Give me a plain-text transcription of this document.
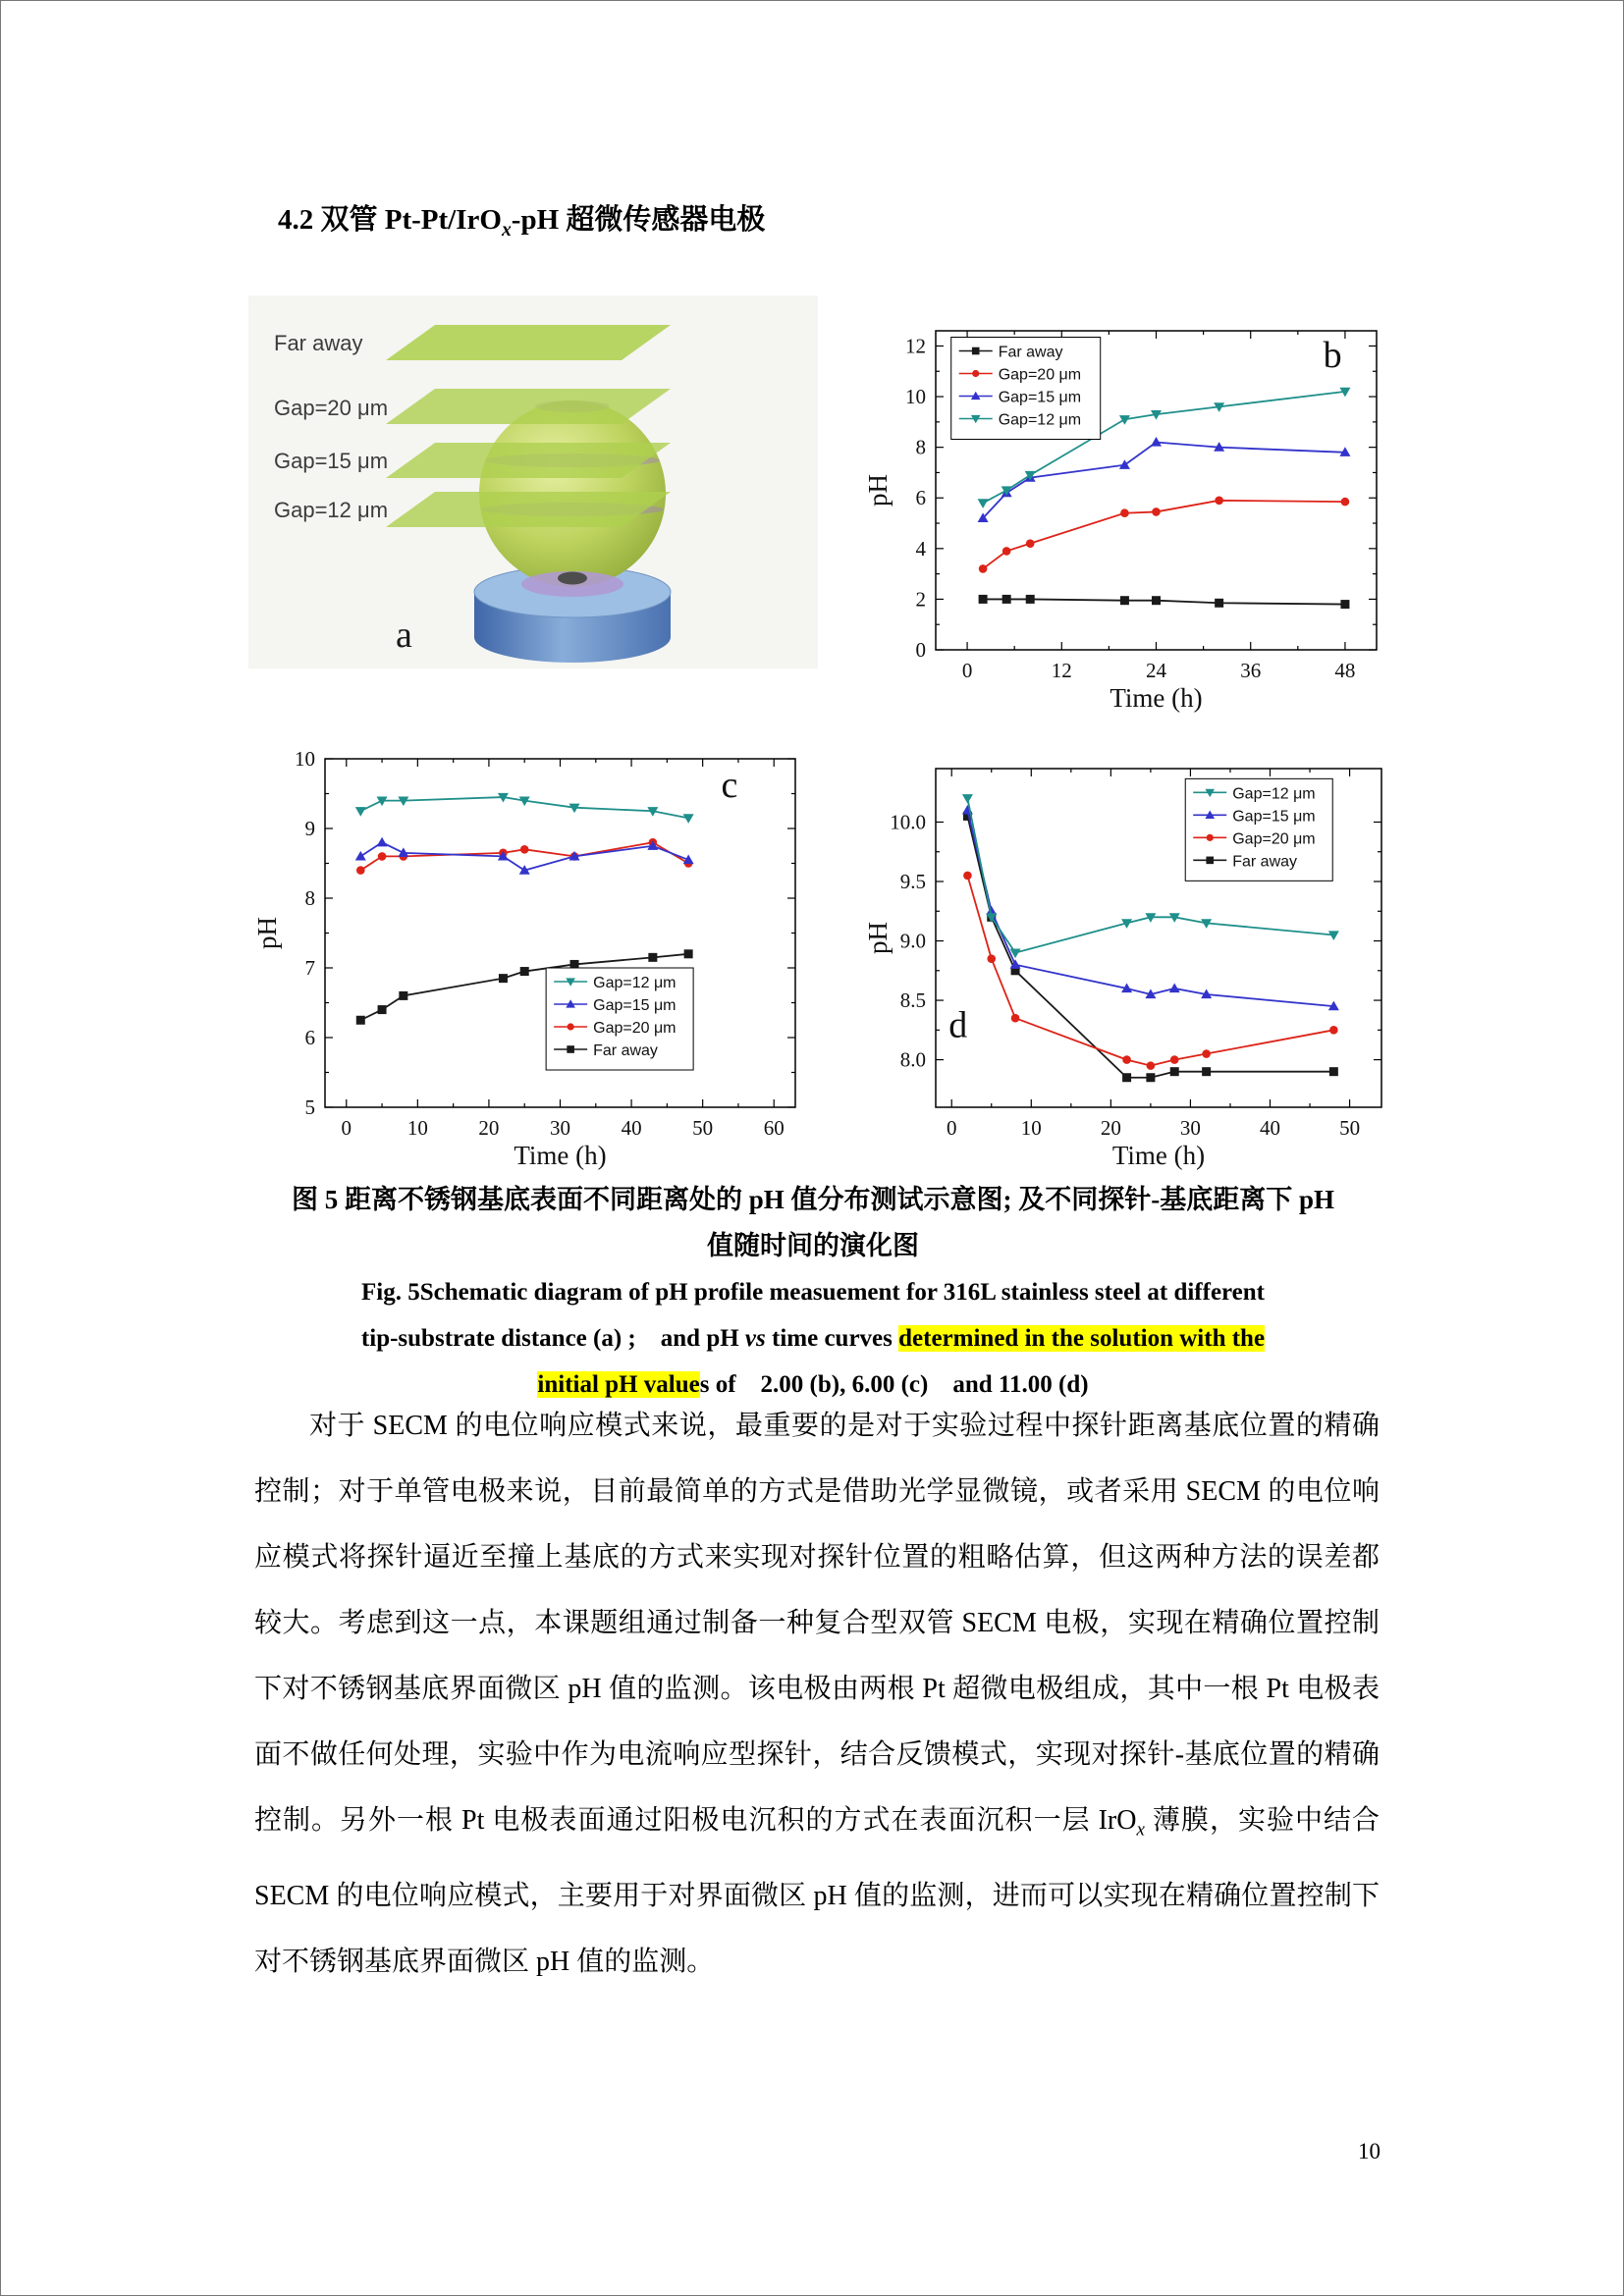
4.2 双管 Pt-Pt/IrO$_x$-pH 超微传感器电极
Far away
Gap=20 μm
Gap=15 μm
Gap=12 μm
a
0	12	24	36	48
0
2
4
6
8
10
12
Time (h)
pH
Far away
Gap=20 μm
Gap=15 μm
Gap=12 μm
b
0	10 20 30 40 50 60
5
6
7
8
9
10
Time (h)
pH
Gap=12 μm
Gap=15 μm
Gap=20 μm
Far away
c
0	10	20	30	40	50
8.0
8.5
9.0
9.5
10.0
Time (h)
pH
Gap=12 μm
Gap=15 μm
Gap=20 μm
Far away
d
图 5 距离不锈钢基底表面不同距离处的 pH 值分布测试示意图; 及不同探针-基底距离下 pH
值随时间的演化图
Fig. 5Schematic diagram of pH profile measuement for 316L stainless steel at different
tip-substrate distance (a) ;    and pH vs time curves determined in the solution with the
initial pH values of    2.00 (b), 6.00 (c)    and 11.00 (d)
对于 SECM 的电位响应模式来说，最重要的是对于实验过程中探针距离基底位置的精确控制；对于单管电极来说，目前最简单的方式是借助光学显微镜，或者采用 SECM 的电位响应模式将探针逼近至撞上基底的方式来实现对探针位置的粗略估算，但这两种方法的误差都较大。考虑到这一点，本课题组通过制备一种复合型双管 SECM 电极，实现在精确位置控制下对不锈钢基底界面微区 pH 值的监测。该电极由两根 Pt 超微电极组成，其中一根 Pt 电极表面不做任何处理，实验中作为电流响应型探针，结合反馈模式，实现对探针-基底位置的精确控制。另外一根 Pt 电极表面通过阳极电沉积的方式在表面沉积一层 IrO$_x$ 薄膜，实验中结合 SECM 的电位响应模式，主要用于对界面微区 pH 值的监测，进而可以实现在精确位置控制下对不锈钢基底界面微区 pH 值的监测。
10
